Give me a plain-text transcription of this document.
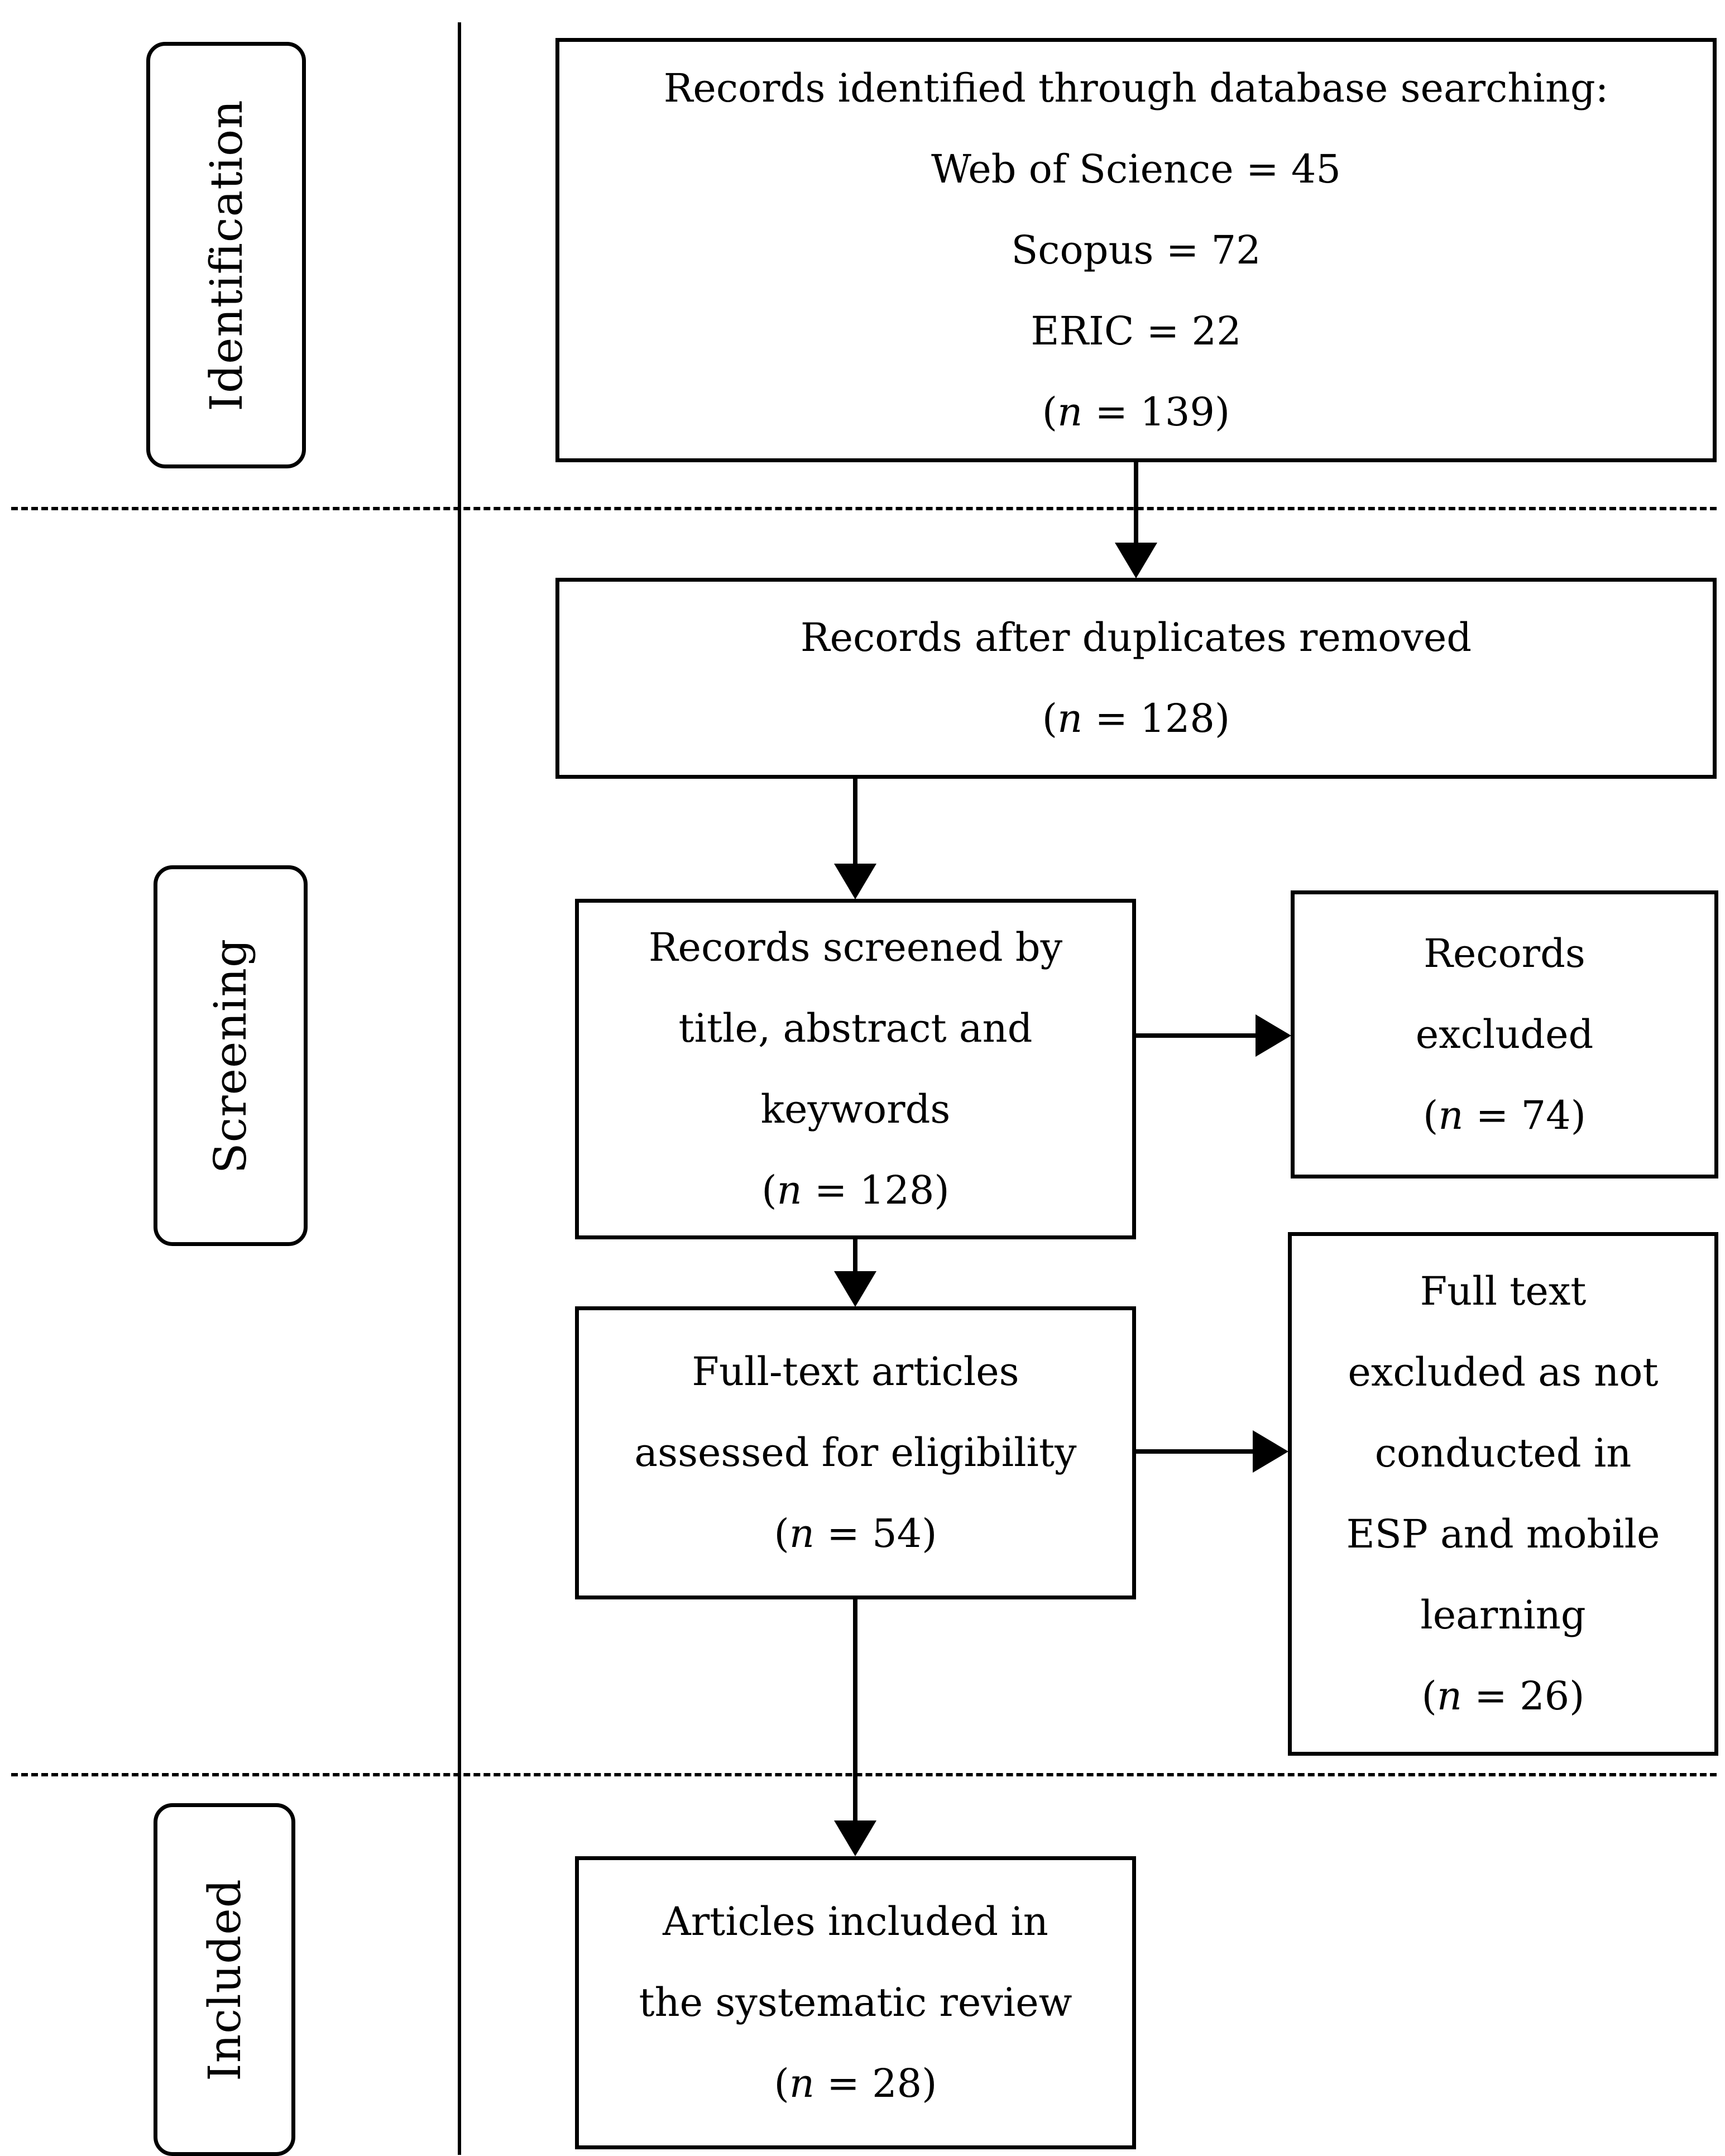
Identification
Screening
Included
Records identified through database searching:
Web of Science = 45
Scopus = 72
ERIC = 22
(n = 139)
Records after duplicates removed
(n = 128)
Records screened by
title, abstract and
keywords
(n = 128)
Records
excluded
(n = 74)
Full-text articles
assessed for eligibility
(n = 54)
Full text
excluded as not
conducted in
ESP and mobile
learning
(n = 26)
Articles included in
the systematic review
(n = 28)
